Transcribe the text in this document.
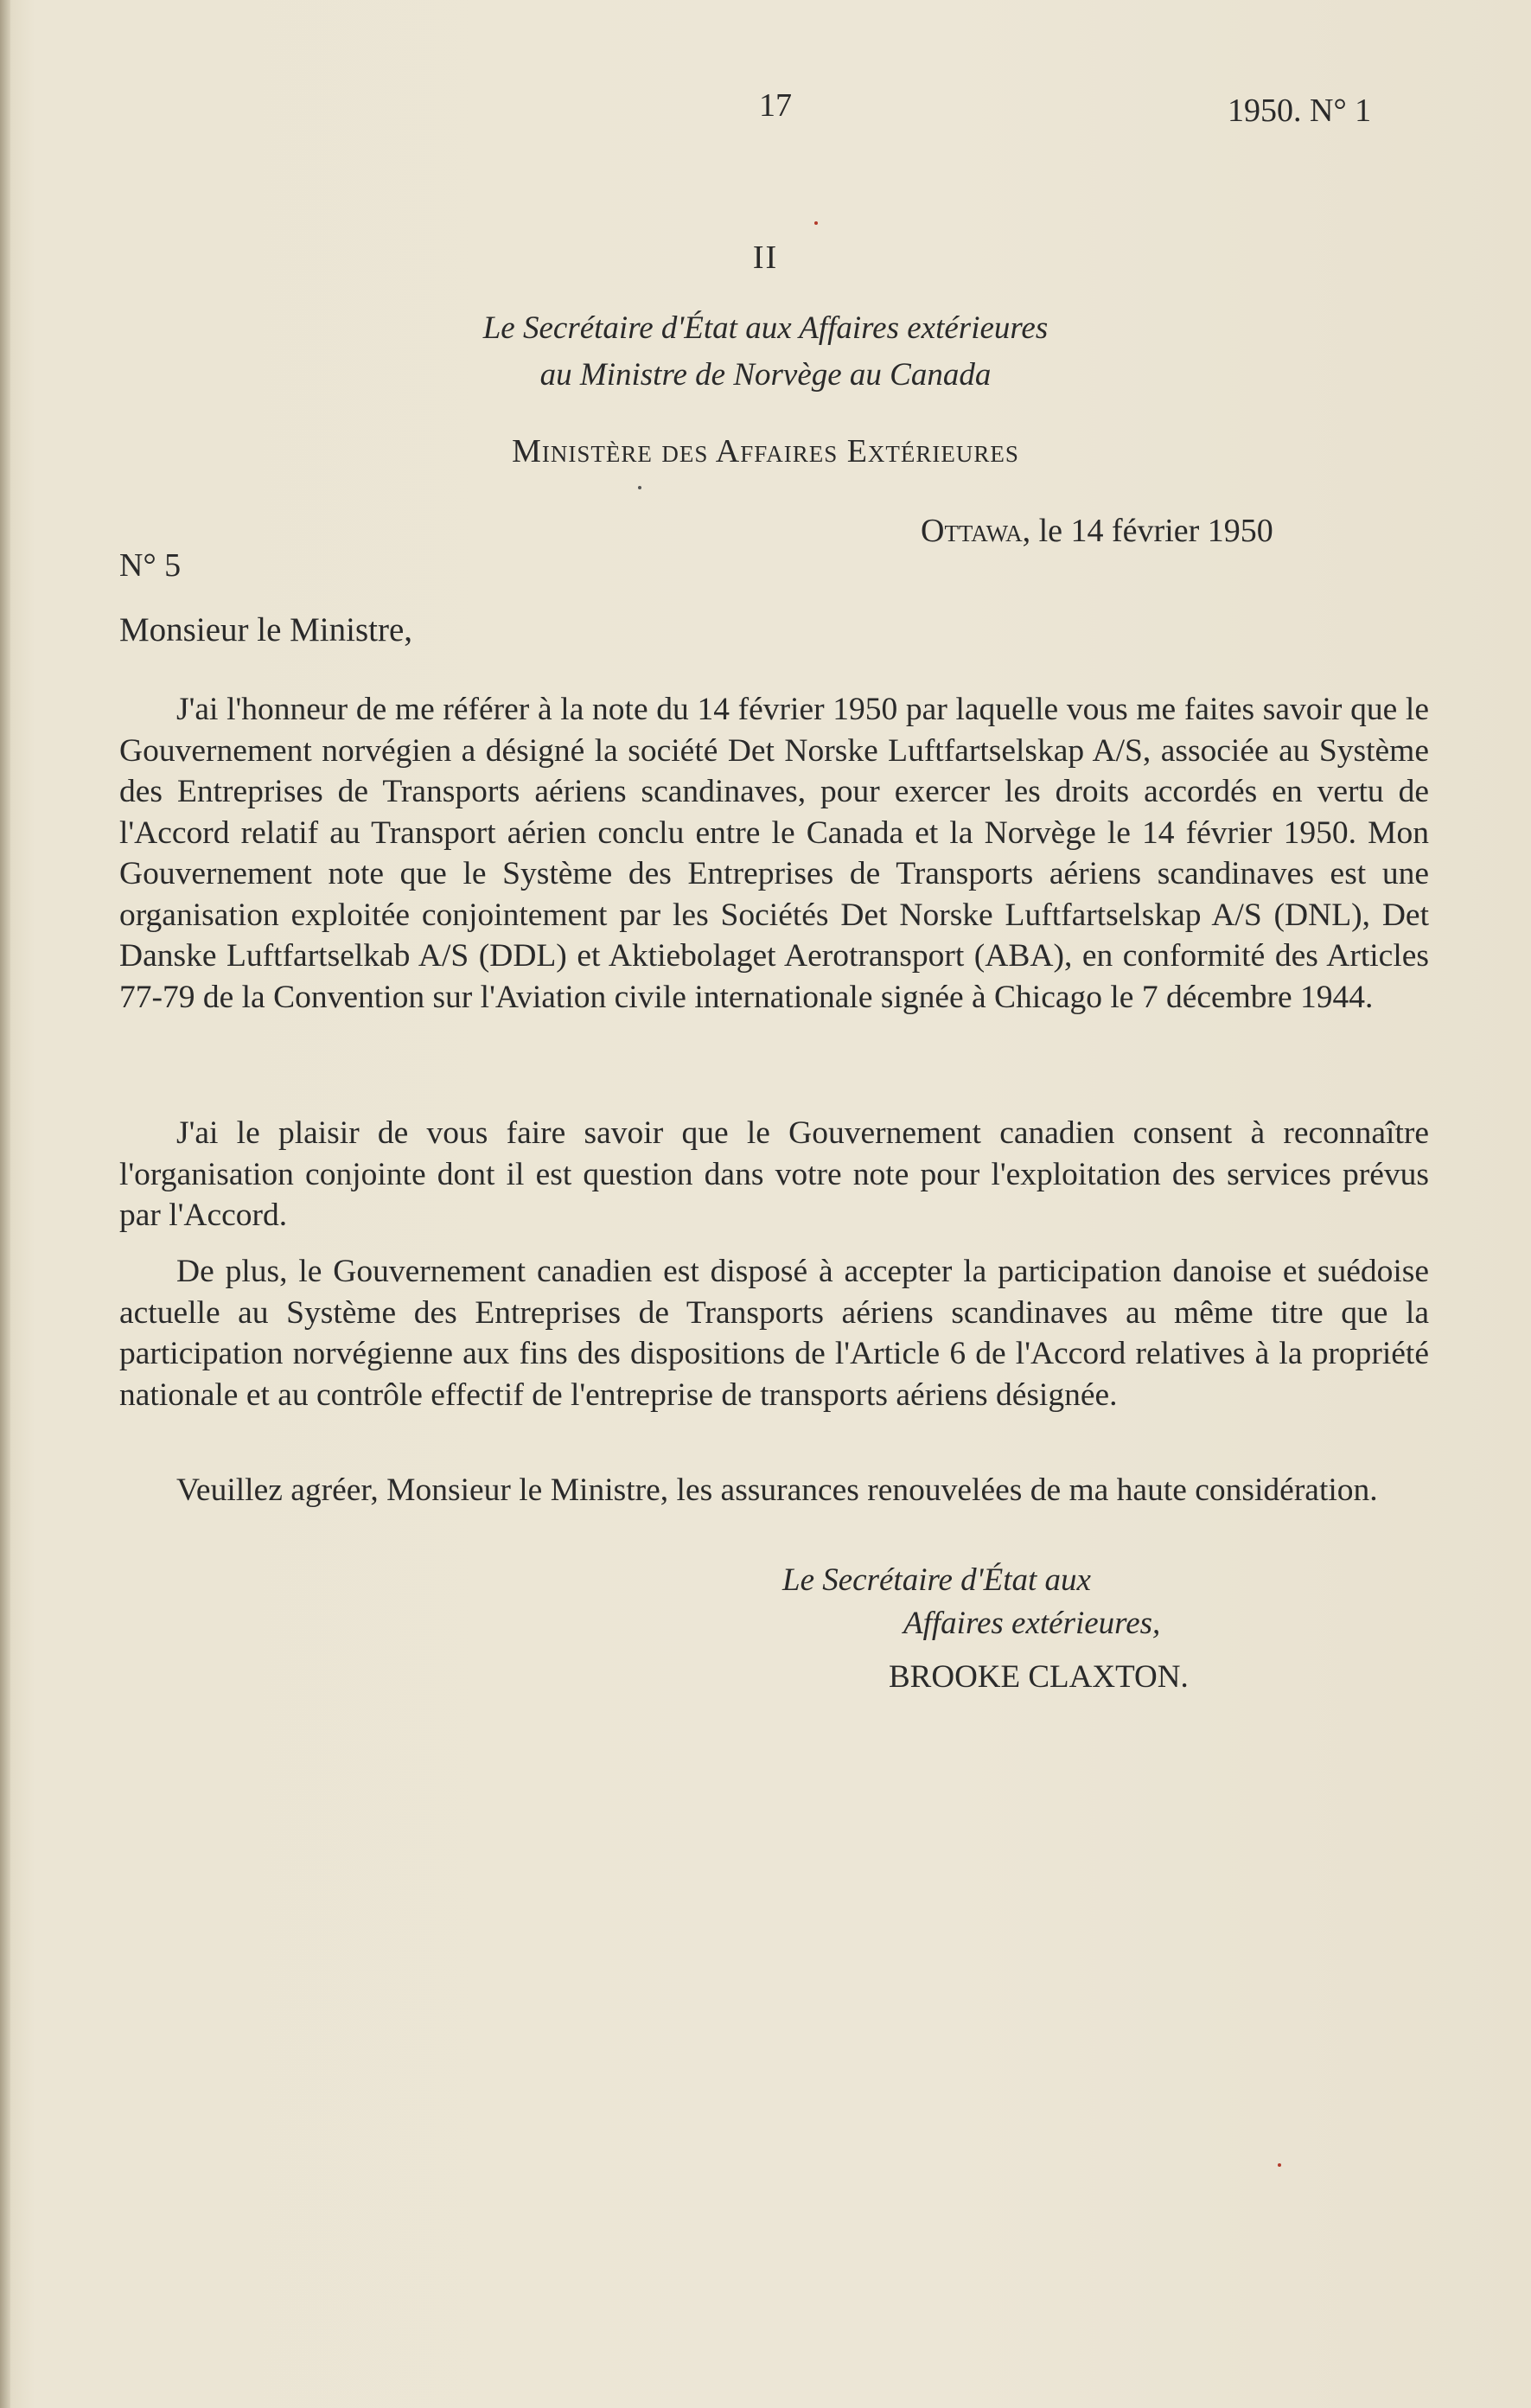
17	1950. N° 1
II
Le Secrétaire d'État aux Affaires extérieures
au Ministre de Norvège au Canada
Ministère des Affaires Extérieures
Ottawa, le 14 février 1950
N° 5
Monsieur le Ministre,

J'ai l'honneur de me référer à la note du 14 février 1950 par laquelle vous me faites savoir que le Gouvernement norvégien a désigné la société Det Norske Luftfartselskap A/S, associée au Système des Entreprises de Transports aériens scandinaves, pour exercer les droits accordés en vertu de l'Accord relatif au Transport aérien conclu entre le Canada et la Norvège le 14 février 1950. Mon Gouvernement note que le Système des Entreprises de Transports aériens scandinaves est une organisation exploitée conjointement par les Sociétés Det Norske Luftfartselskap A/S (DNL), Det Danske Luftfartselkab A/S (DDL) et Aktiebolaget Aerotransport (ABA), en conformité des Articles 77-79 de la Convention sur l'Aviation civile internationale signée à Chicago le 7 décembre 1944.

J'ai le plaisir de vous faire savoir que le Gouvernement canadien consent à reconnaître l'organisation conjointe dont il est question dans votre note pour l'exploitation des services prévus par l'Accord.

De plus, le Gouvernement canadien est disposé à accepter la participation danoise et suédoise actuelle au Système des Entreprises de Transports aériens scandinaves au même titre que la participation norvégienne aux fins des dispositions de l'Article 6 de l'Accord relatives à la propriété nationale et au contrôle effectif de l'entreprise de transports aériens désignée.

Veuillez agréer, Monsieur le Ministre, les assurances renouvelées de ma haute considération.

Le Secrétaire d'État aux
Affaires extérieures,
BROOKE CLAXTON.
